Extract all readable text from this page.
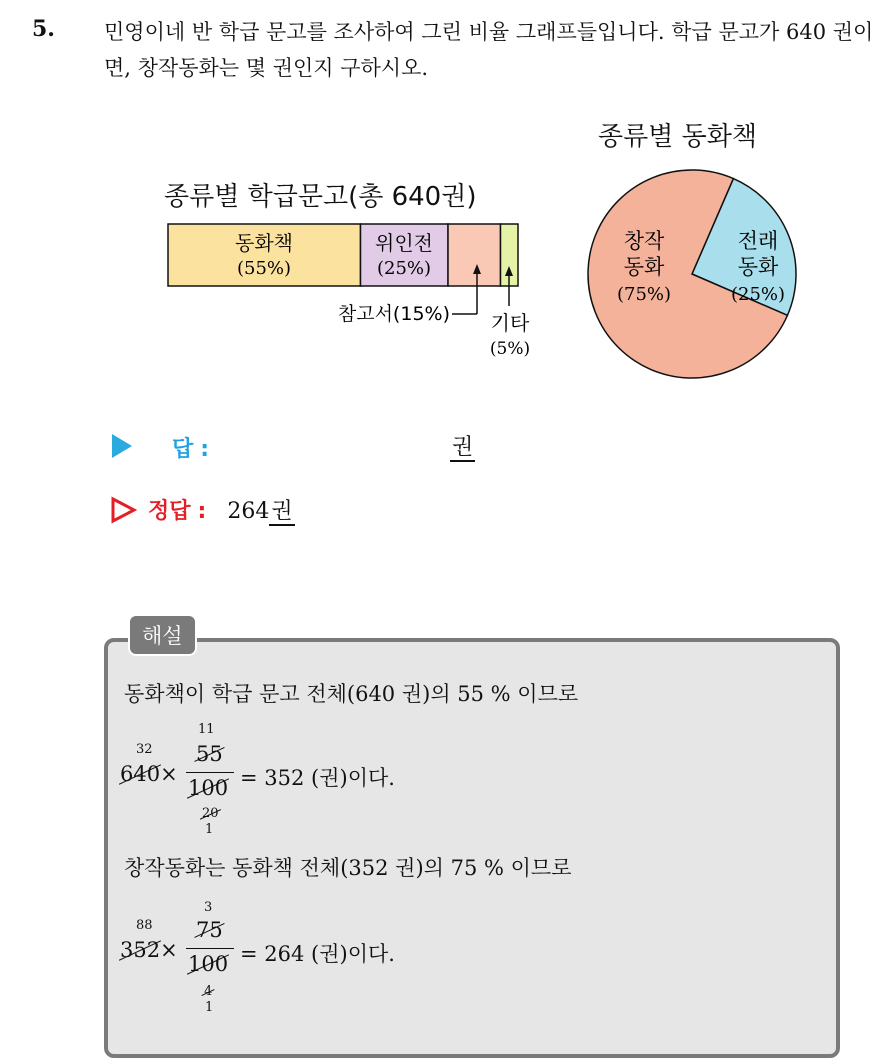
5. 민영이네 반 학급 문고를 조사하여 그린 비율 그래프들입니다. 학급 문고가 640 권이면, 창작동화는 몇 권인지 구하시오.
종류별 학급문고(총 640권)
동화책
(55%)
위인전
(25%)
참고서(15%) 기타
(5%)
종류별 동화책
창작
동화
(75%)
전래
동화
(25%)
답 :	권
정답 : 264권
해설
동화책이 학급 문고 전체(640 권)의 55 % 이므로
32
640×
11
55
100
20
1
= 352 (권)이다.
창작동화는 동화책 전체(352 권)의 75 % 이므로
88
352×
3
75
100
4
1
= 264 (권)이다.
